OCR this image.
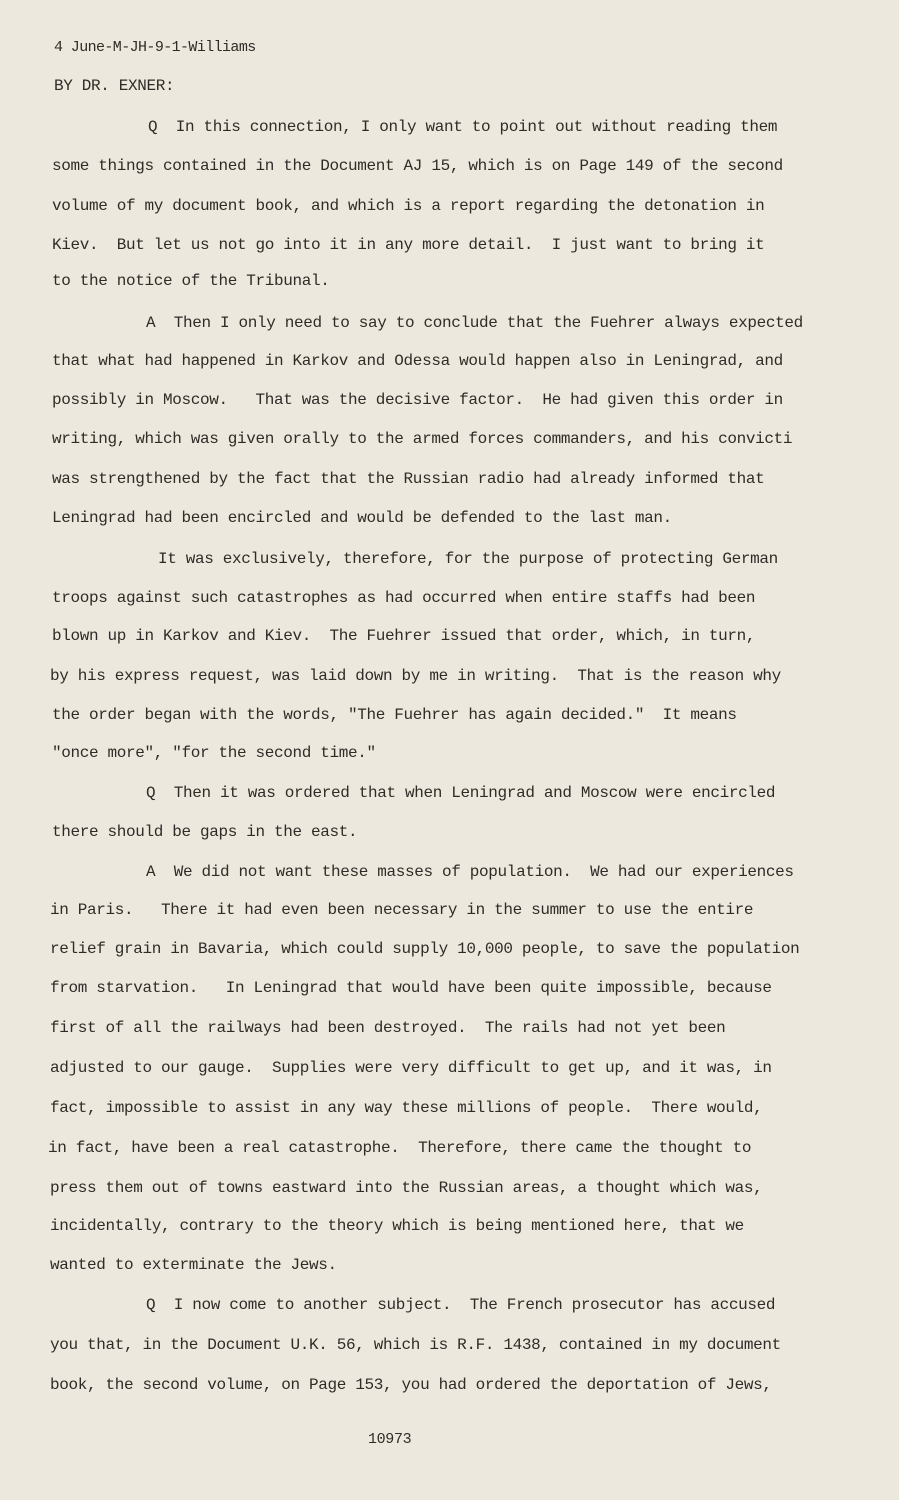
4 June-M-JH-9-1-Williams
BY DR. EXNER:
Q  In this connection, I only want to point out without reading them
some things contained in the Document AJ 15, which is on Page 149 of the second
volume of my document book, and which is a report regarding the detonation in
Kiev.  But let us not go into it in any more detail.  I just want to bring it
to the notice of the Tribunal.
A  Then I only need to say to conclude that the Fuehrer always expected
that what had happened in Karkov and Odessa would happen also in Leningrad, and
possibly in Moscow.   That was the decisive factor.  He had given this order in
writing, which was given orally to the armed forces commanders, and his convicti
was strengthened by the fact that the Russian radio had already informed that
Leningrad had been encircled and would be defended to the last man.
It was exclusively, therefore, for the purpose of protecting German
troops against such catastrophes as had occurred when entire staffs had been
blown up in Karkov and Kiev.  The Fuehrer issued that order, which, in turn,
by his express request, was laid down by me in writing.  That is the reason why
the order began with the words, "The Fuehrer has again decided."  It means
"once more", "for the second time."
Q  Then it was ordered that when Leningrad and Moscow were encircled
there should be gaps in the east.
A  We did not want these masses of population.  We had our experiences
in Paris.   There it had even been necessary in the summer to use the entire
relief grain in Bavaria, which could supply 10,000 people, to save the population
from starvation.   In Leningrad that would have been quite impossible, because
first of all the railways had been destroyed.  The rails had not yet been
adjusted to our gauge.  Supplies were very difficult to get up, and it was, in
fact, impossible to assist in any way these millions of people.  There would,
in fact, have been a real catastrophe.  Therefore, there came the thought to
press them out of towns eastward into the Russian areas, a thought which was,
incidentally, contrary to the theory which is being mentioned here, that we
wanted to exterminate the Jews.
Q  I now come to another subject.  The French prosecutor has accused
you that, in the Document U.K. 56, which is R.F. 1438, contained in my document
book, the second volume, on Page 153, you had ordered the deportation of Jews,
10973
